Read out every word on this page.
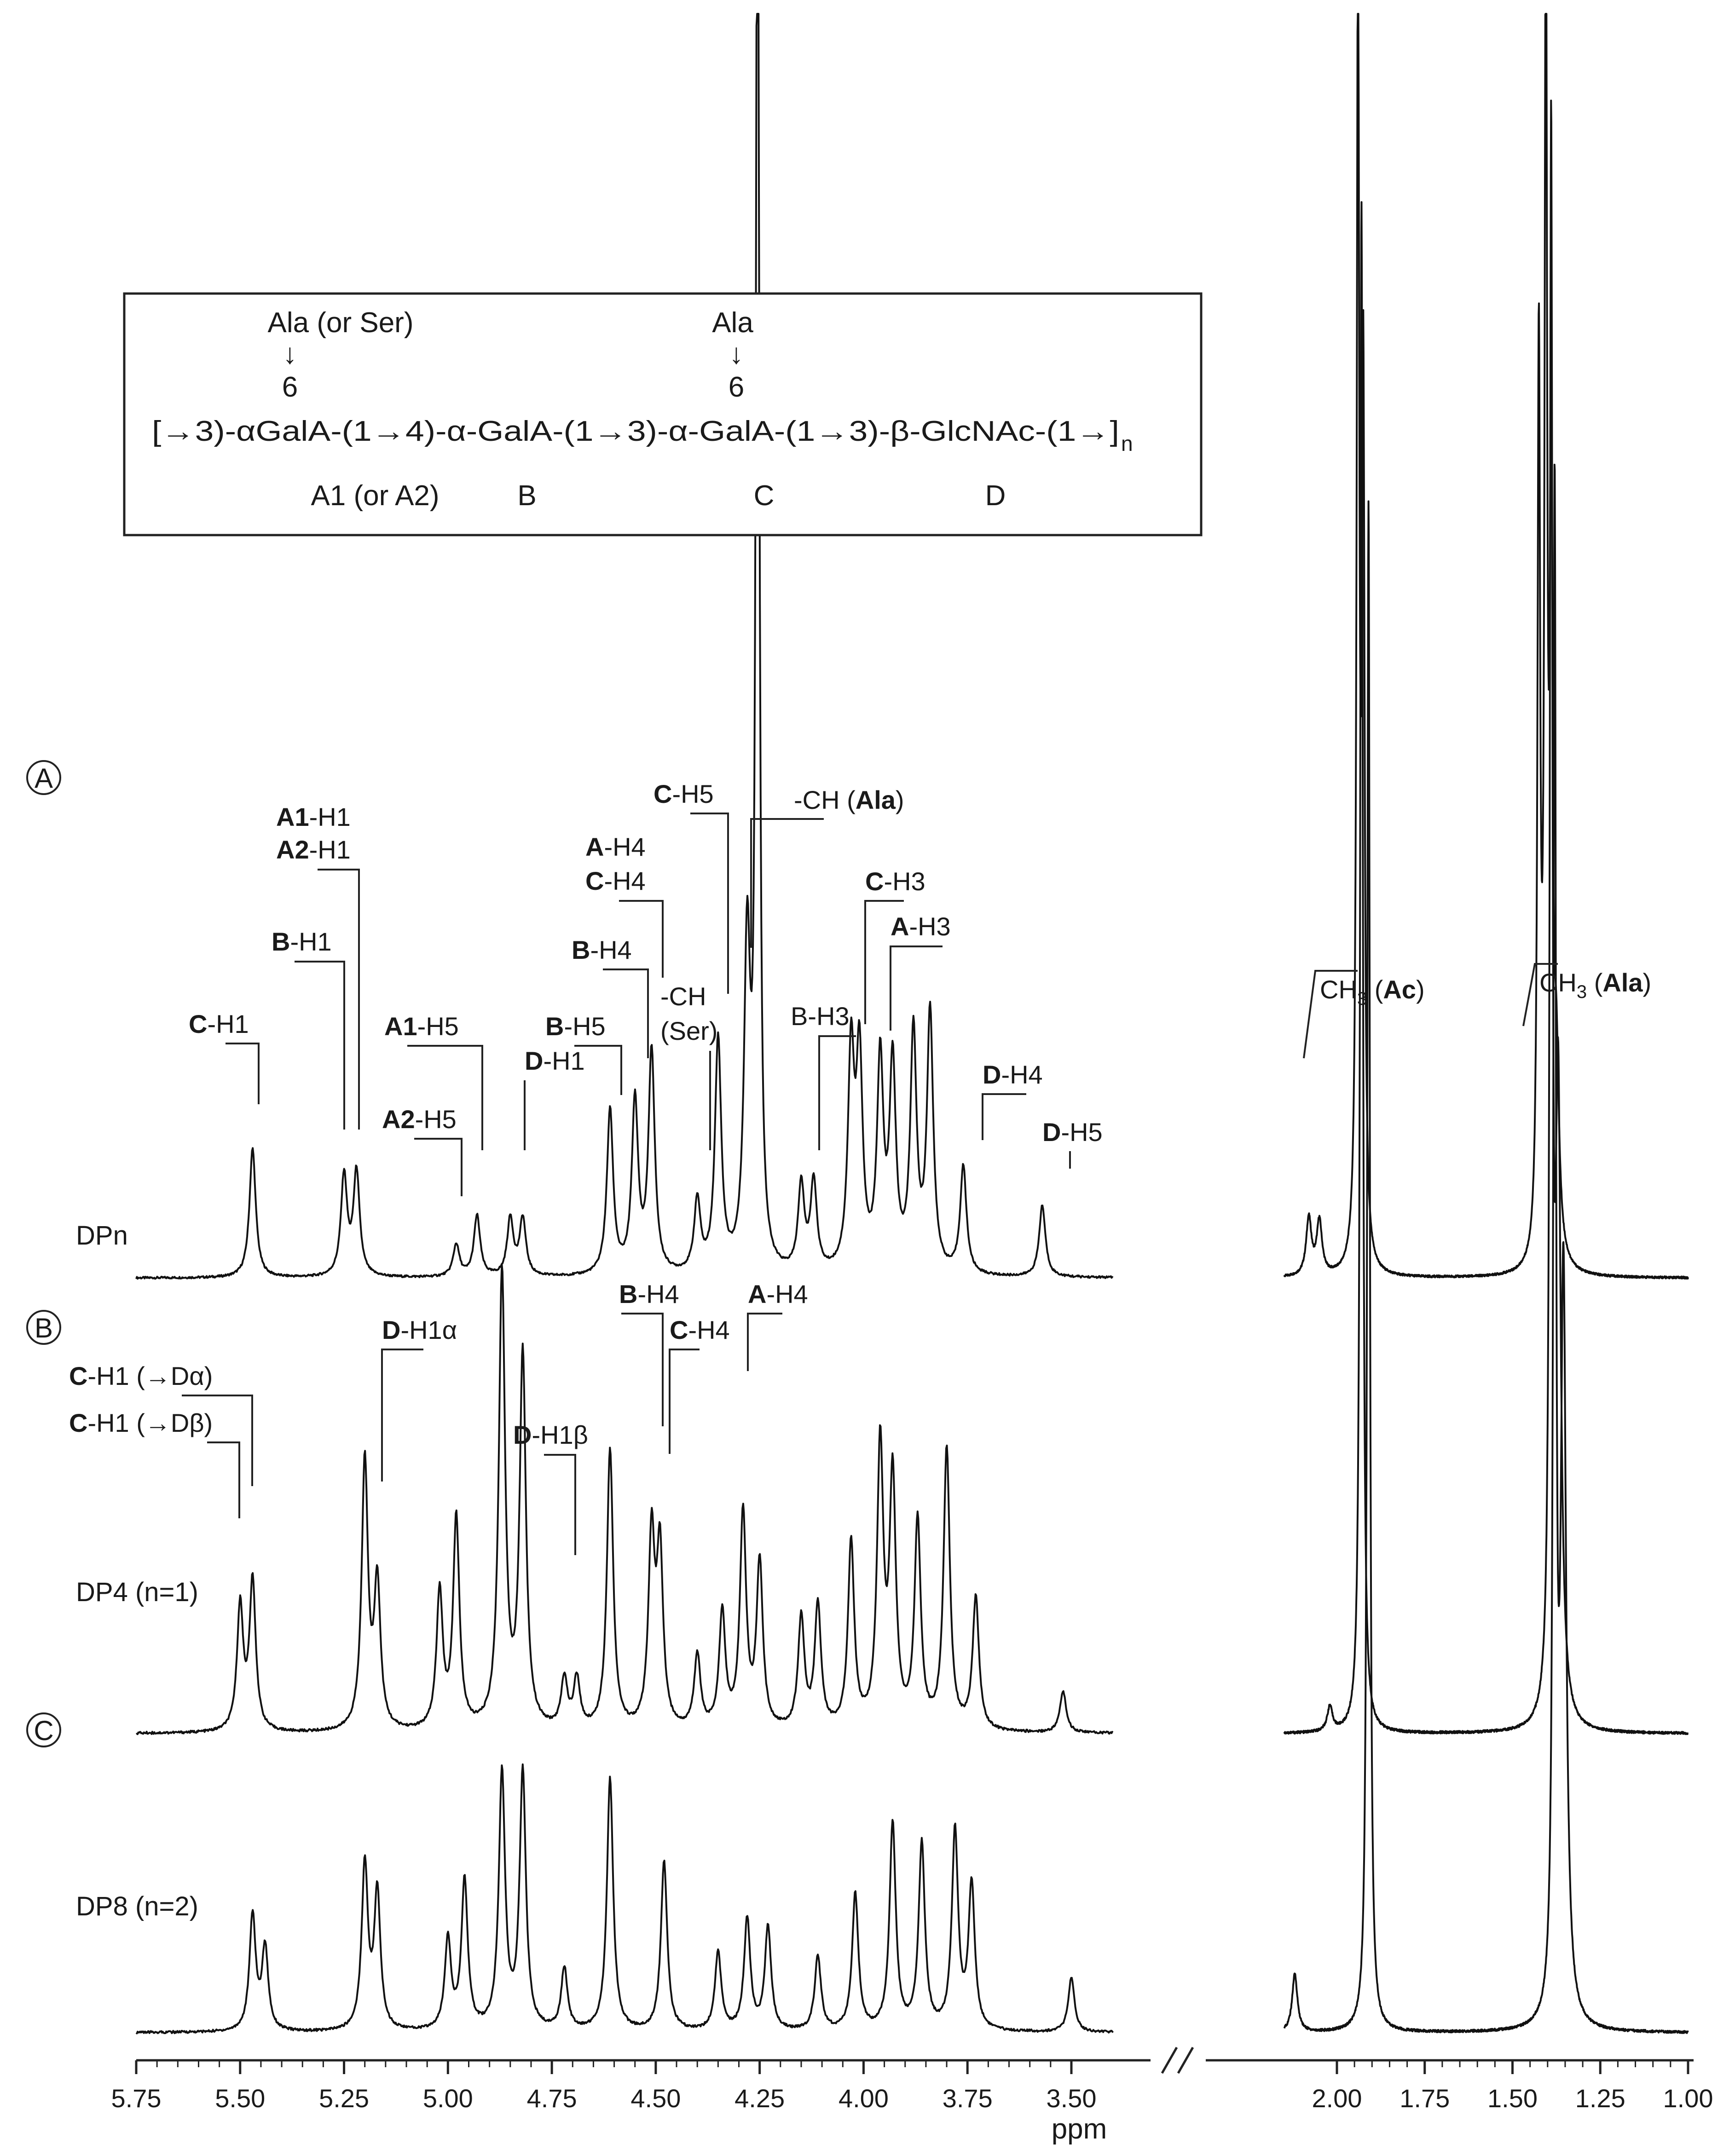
Ala (or Ser)
↓
6
Ala
↓
6
[→3)-αGalA-(1→4)-α-GalA-(1→3)-α-GalA-(1→3)-β-GlcNAc-(1→] n
A1 (or A2)	B	C	D
C-H1
B-H1
A1-H1
A2-H1
A1-H5
A2-H5
D-H1
B-H5
B-H4
A-H4
C-H4
-CH
(Ser)
C-H5	-CH (Ala)
B-H3
C-H3
A-H3
D-H4
D-H5
C-H1 (→Dα)
C-H1 (→Dβ)
D-H1α
D-H1β
B-H4
C-H4
A-H4
$CH_3$ (Ac)	$CH_3$ (Ala)
A
DPn
B
DP4 (n=1)
C
DP8 (n=2)
5.75 5.50 5.25 5.00 4.75 4.50 4.25 4.00 3.75 3.50	2.00 1.75 1.50 1.25 1.00
ppm
